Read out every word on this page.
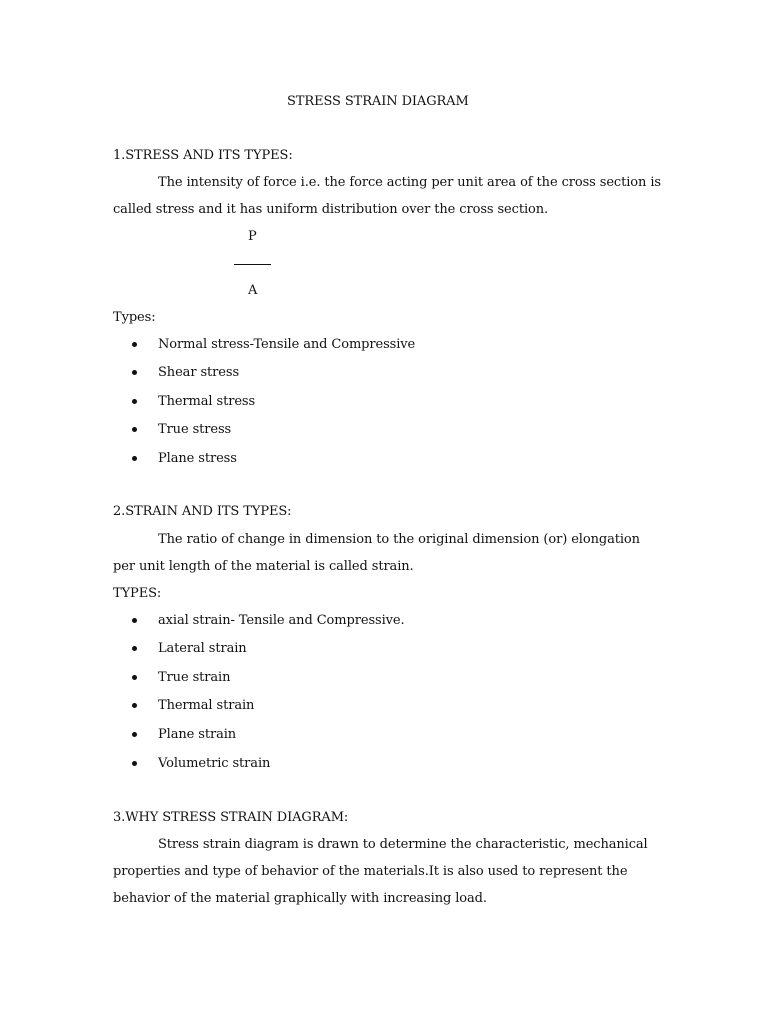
STRESS STRAIN DIAGRAM
1.STRESS AND ITS TYPES:
The intensity of force i.e. the force acting per unit area of the cross section is
called stress and it has uniform distribution over the cross section.
P
A
Types:
Normal stress-Tensile and Compressive
Shear stress
Thermal stress
True stress
Plane stress
2.STRAIN AND ITS TYPES:
The ratio of change in dimension to the original dimension (or) elongation
per unit length of the material is called strain.
TYPES:
axial strain- Tensile and Compressive.
Lateral strain
True strain
Thermal strain
Plane strain
Volumetric strain
3.WHY STRESS STRAIN DIAGRAM:
Stress strain diagram is drawn to determine the characteristic, mechanical
properties and type of behavior of the materials.It is also used to represent the
behavior of the material graphically with increasing load.
